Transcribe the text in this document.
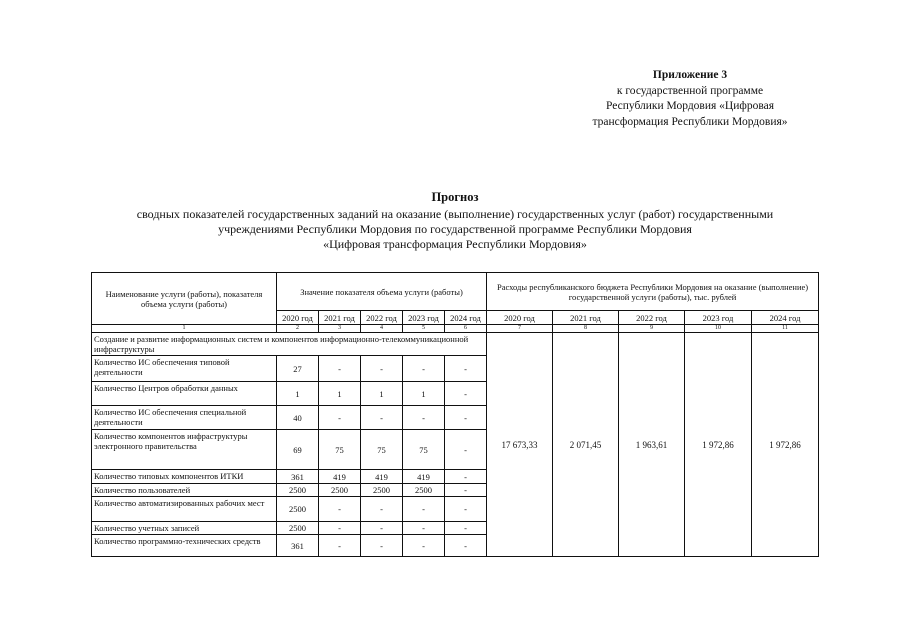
Приложение 3
к государственной программе
Республики Мордовия «Цифровая
трансформация Республики Мордовия»
Прогноз
сводных показателей государственных заданий на оказание (выполнение) государственных услуг (работ) государственными
учреждениями Республики Мордовия по государственной программе Республики Мордовия
«Цифровая трансформация Республики Мордовия»
Наименование услуги (работы), показателя объема услуги (работы)	Значение показателя объема услуги (работы)					Расходы республиканского бюджета Республики Мордовия на оказание (выполнение) государственной услуги (работы), тыс. рублей				
	2020 год	2021 год	2022 год	2023 год	2024 год	2020 год	2021 год	2022 год	2023 год	2024 год
1	2	3	4	5	6	7	8	9	10	11
Создание и развитие информационных систем и компонентов информационно-телекоммуникационной инфраструктуры						17 673,33	2 071,45	1 963,61	1 972,86	1 972,86
Количество ИС обеспечения типовой деятельности	27	-	-	-	-					
Количество Центров обработки данных	1	1	1	1	-					
Количество ИС обеспечения специальной деятельности	40	-	-	-	-					
Количество компонентов инфраструктуры электронного правительства	69	75	75	75	-					
Количество типовых компонентов ИТКИ	361	419	419	419	-					
Количество пользователей	2500	2500	2500	2500	-					
Количество автоматизированных рабочих мест	2500	-	-	-	-					
Количество учетных записей	2500	-	-	-	-					
Количество программно-технических средств	361	-	-	-	-					
